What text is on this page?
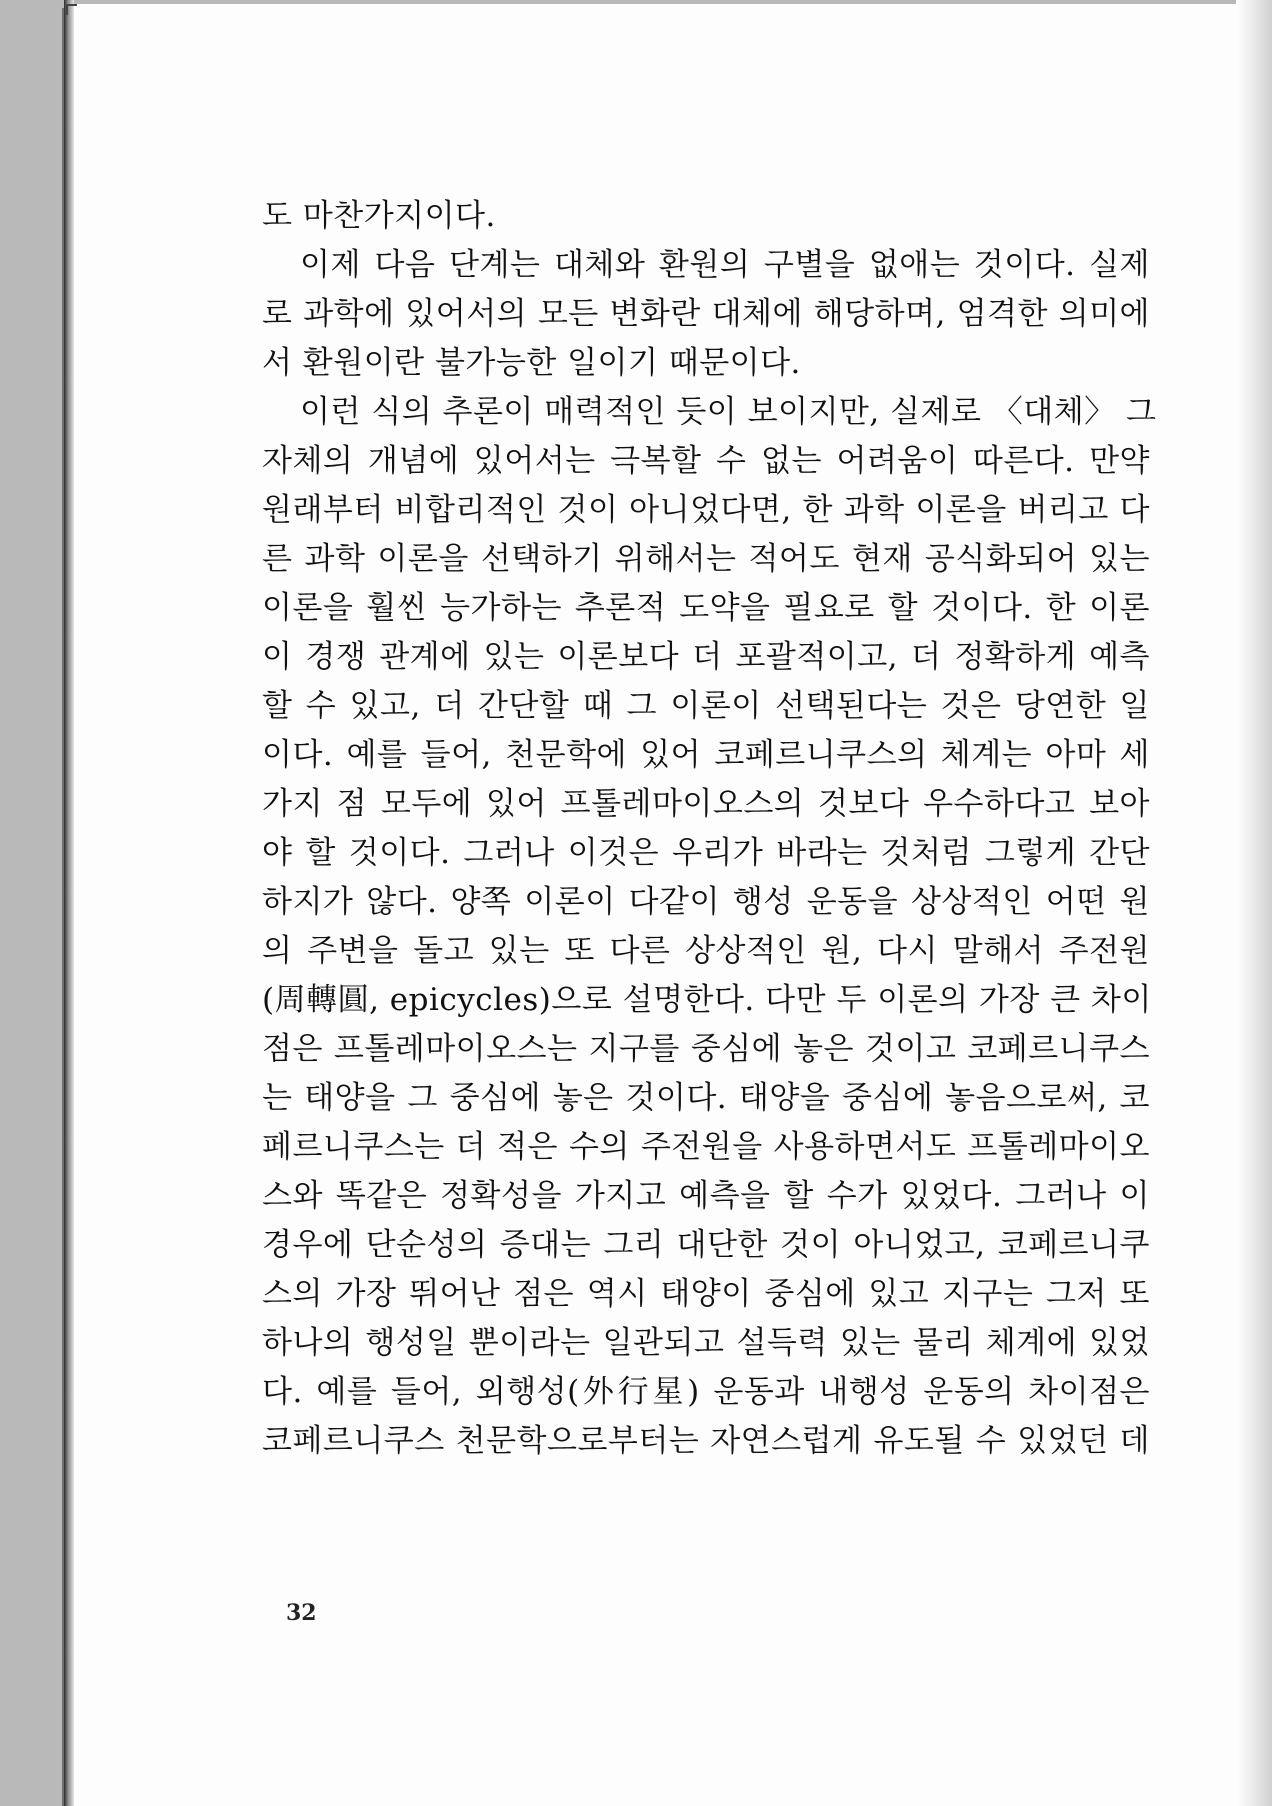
도 마찬가지이다.
이제 다음 단계는 대체와 환원의 구별을 없애는 것이다. 실제
로 과학에 있어서의 모든 변화란 대체에 해당하며, 엄격한 의미에
서 환원이란 불가능한 일이기 때문이다.
이런 식의 추론이 매력적인 듯이 보이지만, 실제로 〈대체〉 그
자체의 개념에 있어서는 극복할 수 없는 어려움이 따른다. 만약
원래부터 비합리적인 것이 아니었다면, 한 과학 이론을 버리고 다
른 과학 이론을 선택하기 위해서는 적어도 현재 공식화되어 있는
이론을 훨씬 능가하는 추론적 도약을 필요로 할 것이다. 한 이론
이 경쟁 관계에 있는 이론보다 더 포괄적이고, 더 정확하게 예측
할 수 있고, 더 간단할 때 그 이론이 선택된다는 것은 당연한 일
이다. 예를 들어, 천문학에 있어 코페르니쿠스의 체계는 아마 세
가지 점 모두에 있어 프톨레마이오스의 것보다 우수하다고 보아
야 할 것이다. 그러나 이것은 우리가 바라는 것처럼 그렇게 간단
하지가 않다. 양쪽 이론이 다같이 행성 운동을 상상적인 어떤 원
의 주변을 돌고 있는 또 다른 상상적인 원, 다시 말해서 주전원
(周轉圓, epicycles)으로 설명한다. 다만 두 이론의 가장 큰 차이
점은 프톨레마이오스는 지구를 중심에 놓은 것이고 코페르니쿠스
는 태양을 그 중심에 놓은 것이다. 태양을 중심에 놓음으로써, 코
페르니쿠스는 더 적은 수의 주전원을 사용하면서도 프톨레마이오
스와 똑같은 정확성을 가지고 예측을 할 수가 있었다. 그러나 이
경우에 단순성의 증대는 그리 대단한 것이 아니었고, 코페르니쿠
스의 가장 뛰어난 점은 역시 태양이 중심에 있고 지구는 그저 또
하나의 행성일 뿐이라는 일관되고 설득력 있는 물리 체계에 있었
다. 예를 들어, 외행성(外行星) 운동과 내행성 운동의 차이점은
코페르니쿠스 천문학으로부터는 자연스럽게 유도될 수 있었던 데
32
